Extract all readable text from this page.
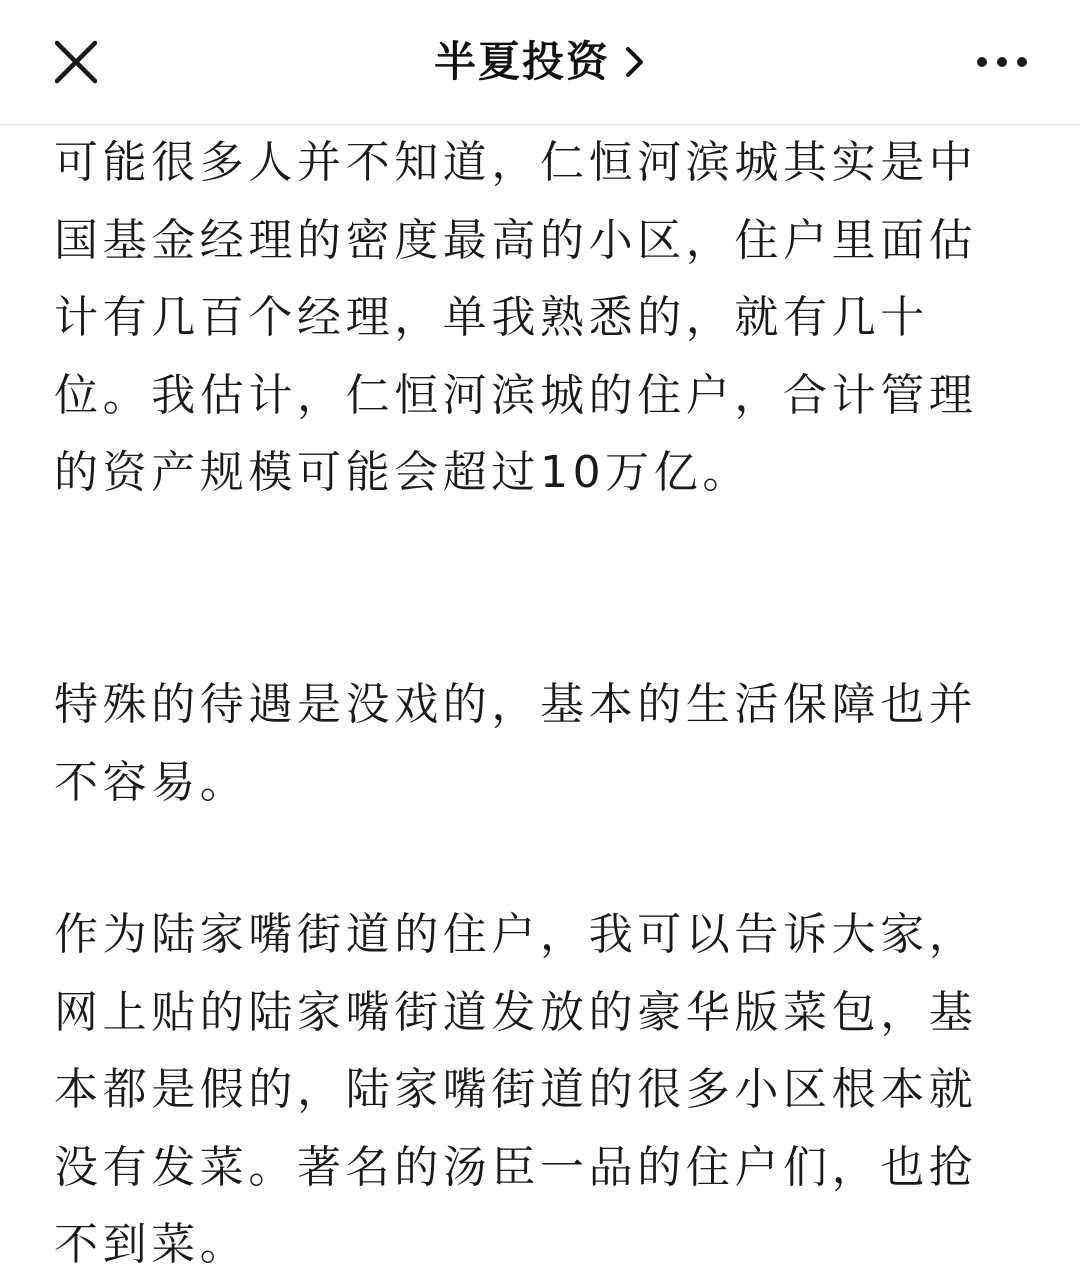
半夏投资

可能很多人并不知道，仁恒河滨城其实是中
国基金经理的密度最高的小区，住户里面估
计有几百个经理，单我熟悉的，就有几十
位。我估计，仁恒河滨城的住户，合计管理
的资产规模可能会超过10万亿。

特殊的待遇是没戏的，基本的生活保障也并
不容易。

作为陆家嘴街道的住户，我可以告诉大家，
网上贴的陆家嘴街道发放的豪华版菜包，基
本都是假的，陆家嘴街道的很多小区根本就
没有发菜。著名的汤臣一品的住户们，也抢
不到菜。
